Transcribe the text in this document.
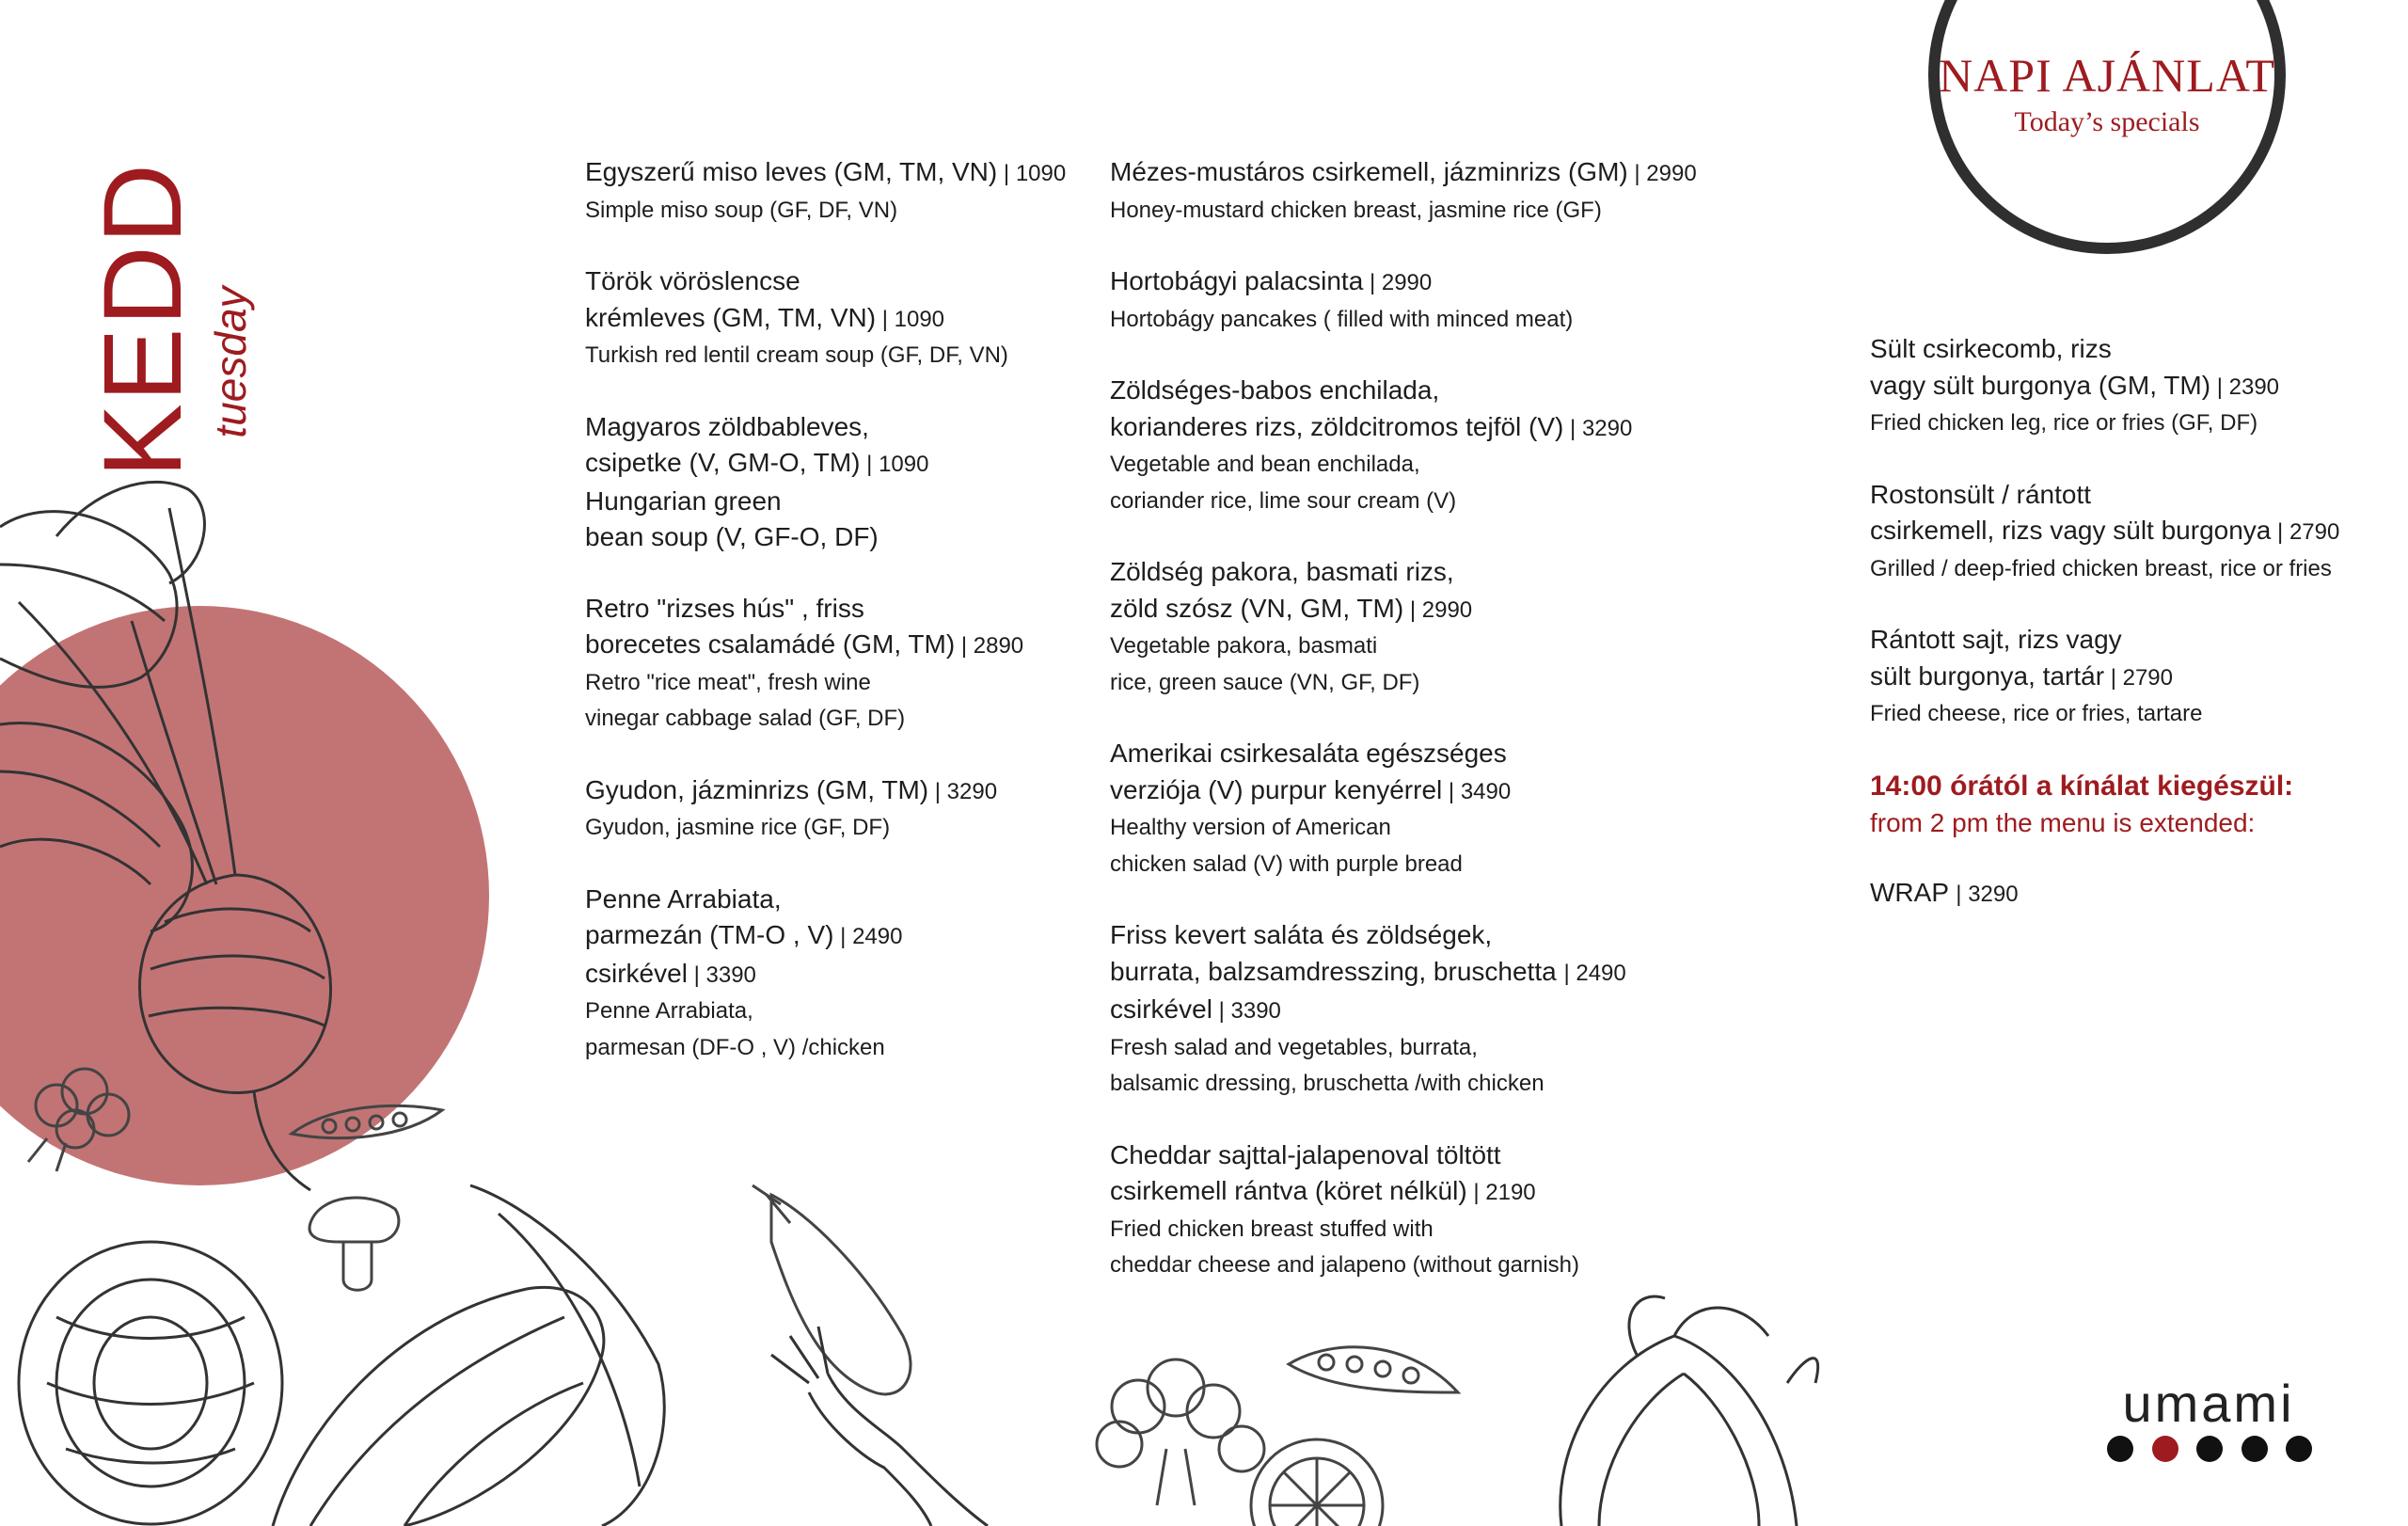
NAPI AJÁNLAT
Today’s specials
KEDD tuesday
Egyszerű miso leves (GM, TM, VN) | 1090
Simple miso soup (GF, DF, VN)
Török vöröslencse
krémleves (GM, TM, VN) | 1090
Turkish red lentil cream soup (GF, DF, VN)
Magyaros zöldbableves,
csipetke (V, GM-O, TM) | 1090
Hungarian green
bean soup (V, GF-O, DF)
Retro "rizses hús" , friss
borecetes csalamádé (GM, TM) | 2890
Retro "rice meat", fresh wine
vinegar cabbage salad (GF, DF)
Gyudon, jázminrizs (GM, TM) | 3290
Gyudon, jasmine rice (GF, DF)
Penne Arrabiata,
parmezán (TM-O , V) | 2490
csirkével | 3390
Penne Arrabiata,
parmesan (DF-O , V) /chicken
Mézes-mustáros csirkemell, jázminrizs (GM) | 2990
Honey-mustard chicken breast, jasmine rice (GF)
Hortobágyi palacsinta | 2990
Hortobágy pancakes ( filled with minced meat)
Zöldséges-babos enchilada,
korianderes rizs, zöldcitromos tejföl (V) | 3290
Vegetable and bean enchilada,
coriander rice, lime sour cream (V)
Zöldség pakora, basmati rizs,
zöld szósz (VN, GM, TM) | 2990
Vegetable pakora, basmati
rice, green sauce (VN, GF, DF)
Amerikai csirkesaláta egészséges
verziója (V) purpur kenyérrel | 3490
Healthy version of American
chicken salad (V) with purple bread
Friss kevert saláta és zöldségek,
burrata, balzsamdresszing, bruschetta | 2490
csirkével | 3390
Fresh salad and vegetables, burrata,
balsamic dressing, bruschetta /with chicken
Cheddar sajttal-jalapenoval töltött
csirkemell rántva (köret nélkül) | 2190
Fried chicken breast stuffed with
cheddar cheese and jalapeno (without garnish)
Sült csirkecomb, rizs
vagy sült burgonya (GM, TM) | 2390
Fried chicken leg, rice or fries (GF, DF)
Rostonsült / rántott
csirkemell, rizs vagy sült burgonya | 2790
Grilled / deep-fried chicken breast, rice or fries
Rántott sajt, rizs vagy
sült burgonya, tartár | 2790
Fried cheese, rice or fries, tartare
14:00 órától a kínálat kiegészül:
from 2 pm the menu is extended:
WRAP | 3290
umami
